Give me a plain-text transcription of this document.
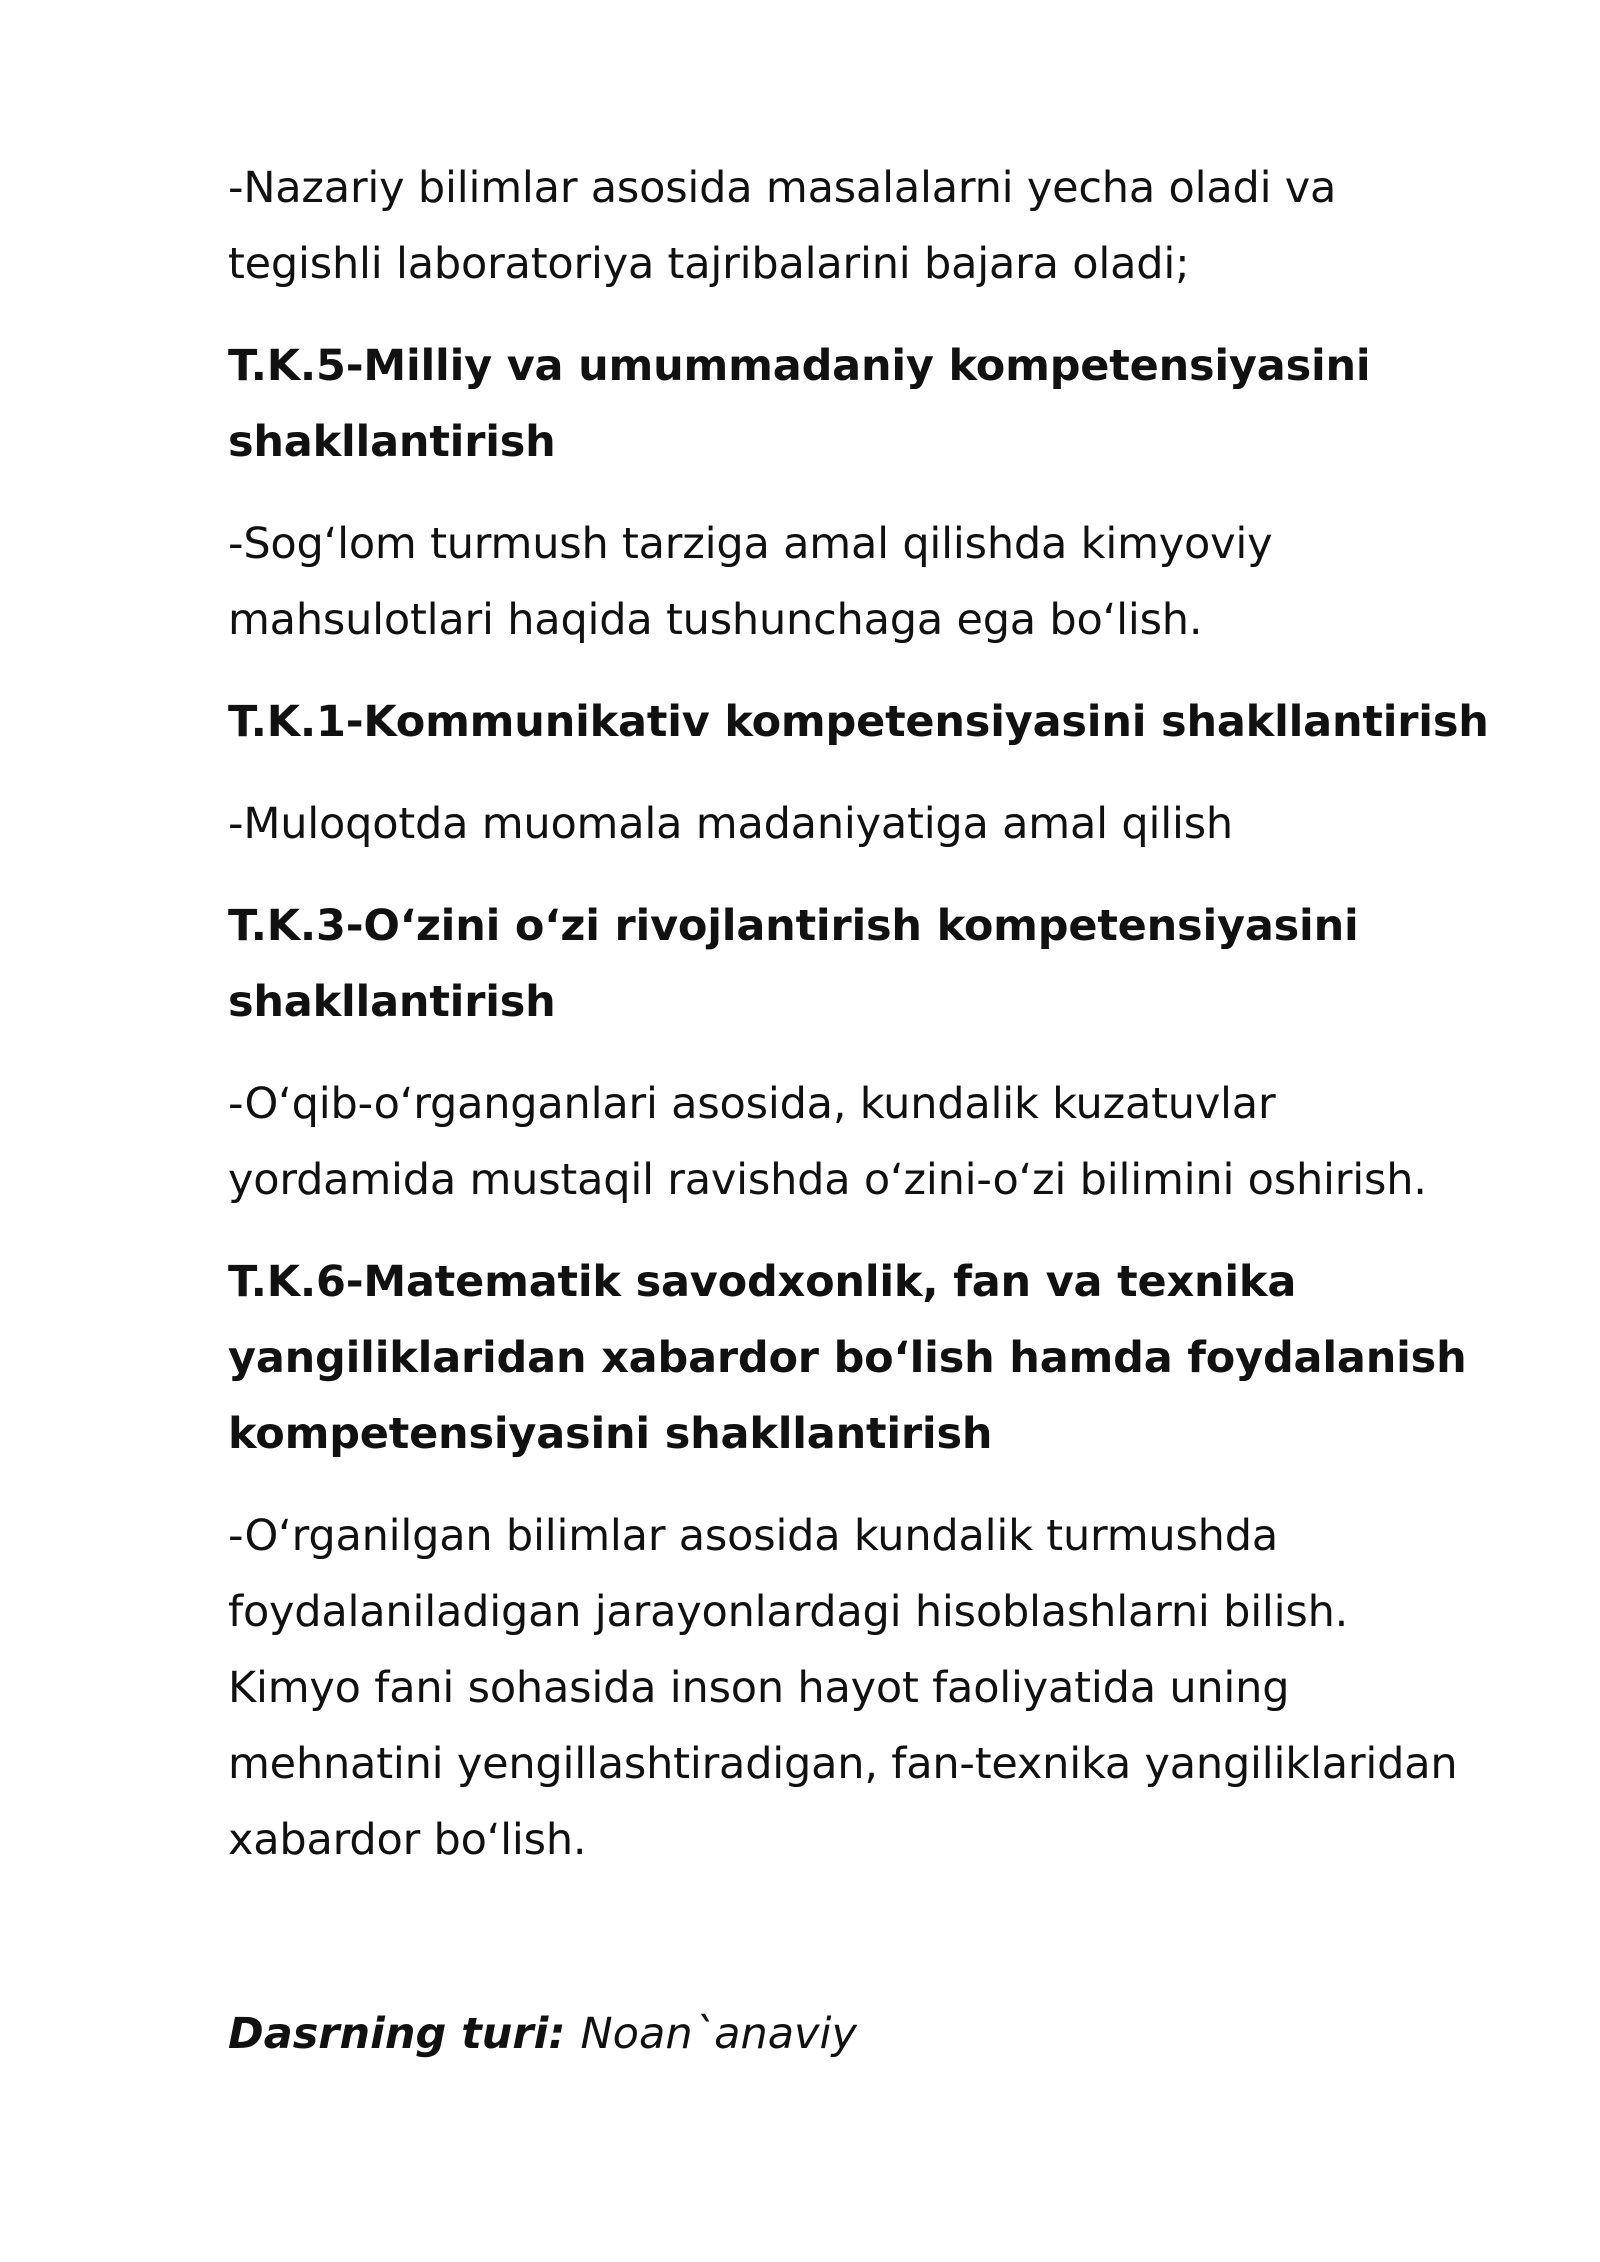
-Nazariy bilimlar asosida masalalarni yecha oladi va
tegishli laboratoriya tajribalarini bajara oladi;

T.K.5-Milliy va umummadaniy kompetensiyasini
shakllantirish

-Sog‘lom turmush tarziga amal qilishda kimyoviy
mahsulotlari haqida tushunchaga ega bo‘lish.

T.K.1-Kommunikativ kompetensiyasini shakllantirish

-Muloqotda muomala madaniyatiga amal qilish

T.K.3-O‘zini o‘zi rivojlantirish kompetensiyasini
shakllantirish

-O‘qib-o‘rganganlari asosida, kundalik kuzatuvlar
yordamida mustaqil ravishda o‘zini-o‘zi bilimini oshirish.

T.K.6-Matematik savodxonlik, fan va texnika
yangiliklaridan xabardor bo‘lish hamda foydalanish
kompetensiyasini shakllantirish

-O‘rganilgan bilimlar asosida kundalik turmushda
foydalaniladigan jarayonlardagi hisoblashlarni bilish.
Kimyo fani sohasida inson hayot faoliyatida uning
mehnatini yengillashtiradigan, fan-texnika yangiliklaridan
xabardor bo‘lish.

Dasrning turi: Noan`anaviy
